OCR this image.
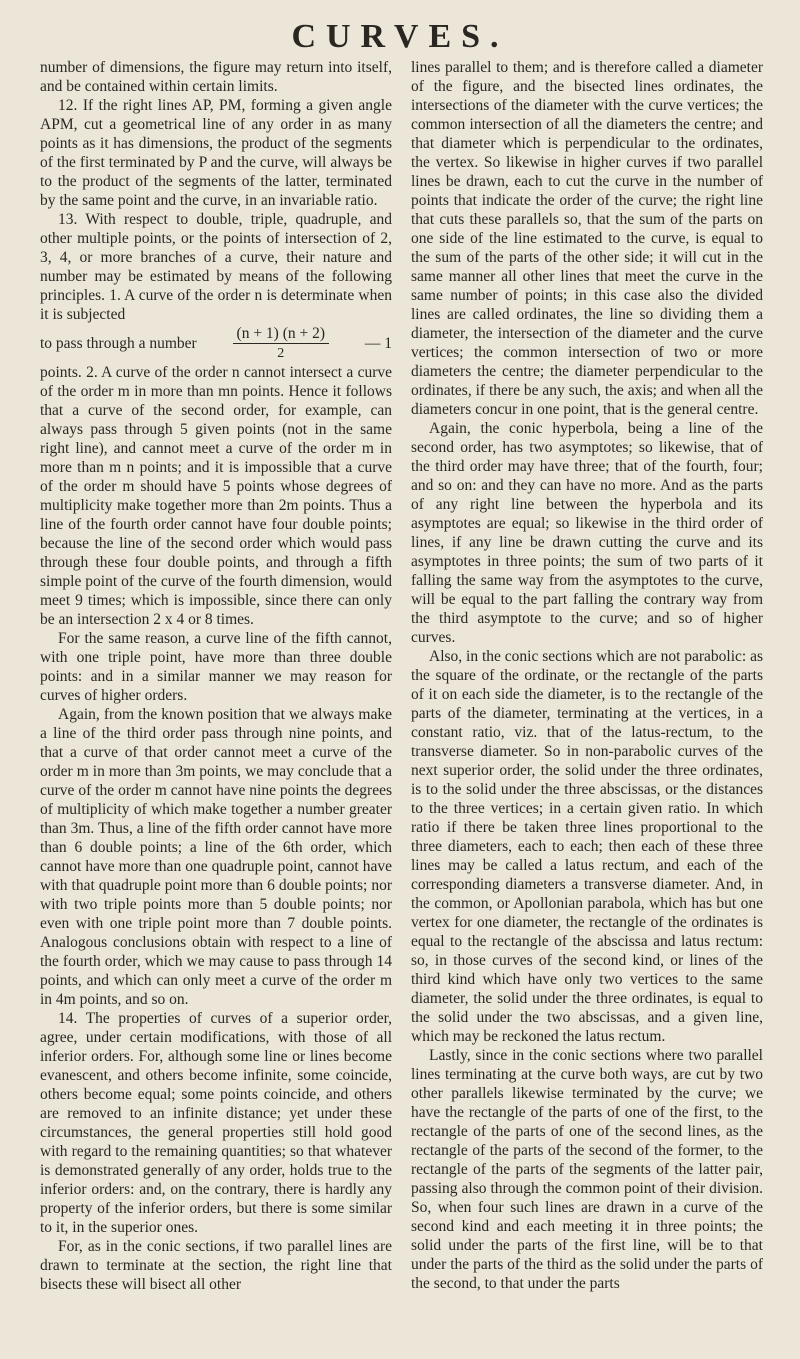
CURVES.

number of dimensions, the figure may return into itself, and be contained within certain limits.

12. If the right lines AP, PM, forming a given angle APM, cut a geometrical line of any order in as many points as it has dimensions, the product of the segments of the first terminated by P and the curve, will always be to the product of the segments of the latter, terminated by the same point and the curve, in an invariable ratio.

13. With respect to double, triple, quadruple, and other multiple points, or the points of intersection of 2, 3, 4, or more branches of a curve, their nature and number may be estimated by means of the following principles. 1. A curve of the order n is determinate when it is subjected

to pass through a number $\frac{(n + 1) (n + 2)}{2}$ — 1

points. 2. A curve of the order n cannot intersect a curve of the order m in more than mn points. Hence it follows that a curve of the second order, for example, can always pass through 5 given points (not in the same right line), and cannot meet a curve of the order m in more than m n points; and it is impossible that a curve of the order m should have 5 points whose degrees of multiplicity make together more than 2m points. Thus a line of the fourth order cannot have four double points; because the line of the second order which would pass through these four double points, and through a fifth simple point of the curve of the fourth dimension, would meet 9 times; which is impossible, since there can only be an intersection 2 x 4 or 8 times.

For the same reason, a curve line of the fifth cannot, with one triple point, have more than three double points: and in a similar manner we may reason for curves of higher orders.

Again, from the known position that we always make a line of the third order pass through nine points, and that a curve of that order cannot meet a curve of the order m in more than 3m points, we may conclude that a curve of the order m cannot have nine points the degrees of multiplicity of which make together a number greater than 3m. Thus, a line of the fifth order cannot have more than 6 double points; a line of the 6th order, which cannot have more than one quadruple point, cannot have with that quadruple point more than 6 double points; nor with two triple points more than 5 double points; nor even with one triple point more than 7 double points. Analogous conclusions obtain with respect to a line of the fourth order, which we may cause to pass through 14 points, and which can only meet a curve of the order m in 4m points, and so on.

14. The properties of curves of a superior order, agree, under certain modifications, with those of all inferior orders. For, although some line or lines become evanescent, and others become infinite, some coincide, others become equal; some points coincide, and others are removed to an infinite distance; yet under these circumstances, the general properties still hold good with regard to the remaining quantities; so that whatever is demonstrated generally of any order, holds true to the inferior orders: and, on the contrary, there is hardly any property of the inferior orders, but there is some similar to it, in the superior ones.

For, as in the conic sections, if two parallel lines are drawn to terminate at the section, the right line that bisects these will bisect all other

lines parallel to them; and is therefore called a diameter of the figure, and the bisected lines ordinates, the intersections of the diameter with the curve vertices; the common intersection of all the diameters the centre; and that diameter which is perpendicular to the ordinates, the vertex. So likewise in higher curves if two parallel lines be drawn, each to cut the curve in the number of points that indicate the order of the curve; the right line that cuts these parallels so, that the sum of the parts on one side of the line estimated to the curve, is equal to the sum of the parts of the other side; it will cut in the same manner all other lines that meet the curve in the same number of points; in this case also the divided lines are called ordinates, the line so dividing them a diameter, the intersection of the diameter and the curve vertices; the common intersection of two or more diameters the centre; the diameter perpendicular to the ordinates, if there be any such, the axis; and when all the diameters concur in one point, that is the general centre.

Again, the conic hyperbola, being a line of the second order, has two asymptotes; so likewise, that of the third order may have three; that of the fourth, four; and so on: and they can have no more. And as the parts of any right line between the hyperbola and its asymptotes are equal; so likewise in the third order of lines, if any line be drawn cutting the curve and its asymptotes in three points; the sum of two parts of it falling the same way from the asymptotes to the curve, will be equal to the part falling the contrary way from the third asymptote to the curve; and so of higher curves.

Also, in the conic sections which are not parabolic: as the square of the ordinate, or the rectangle of the parts of it on each side the diameter, is to the rectangle of the parts of the diameter, terminating at the vertices, in a constant ratio, viz. that of the latus-rectum, to the transverse diameter. So in non-parabolic curves of the next superior order, the solid under the three ordinates, is to the solid under the three abscissas, or the distances to the three vertices; in a certain given ratio. In which ratio if there be taken three lines proportional to the three diameters, each to each; then each of these three lines may be called a latus rectum, and each of the corresponding diameters a transverse diameter. And, in the common, or Apollonian parabola, which has but one vertex for one diameter, the rectangle of the ordinates is equal to the rectangle of the abscissa and latus rectum: so, in those curves of the second kind, or lines of the third kind which have only two vertices to the same diameter, the solid under the three ordinates, is equal to the solid under the two abscissas, and a given line, which may be reckoned the latus rectum.

Lastly, since in the conic sections where two parallel lines terminating at the curve both ways, are cut by two other parallels likewise terminated by the curve; we have the rectangle of the parts of one of the first, to the rectangle of the parts of one of the second lines, as the rectangle of the parts of the second of the former, to the rectangle of the parts of the segments of the latter pair, passing also through the common point of their division. So, when four such lines are drawn in a curve of the second kind and each meeting it in three points; the solid under the parts of the first line, will be to that under the parts of the third as the solid under the parts of the second, to that under the parts
